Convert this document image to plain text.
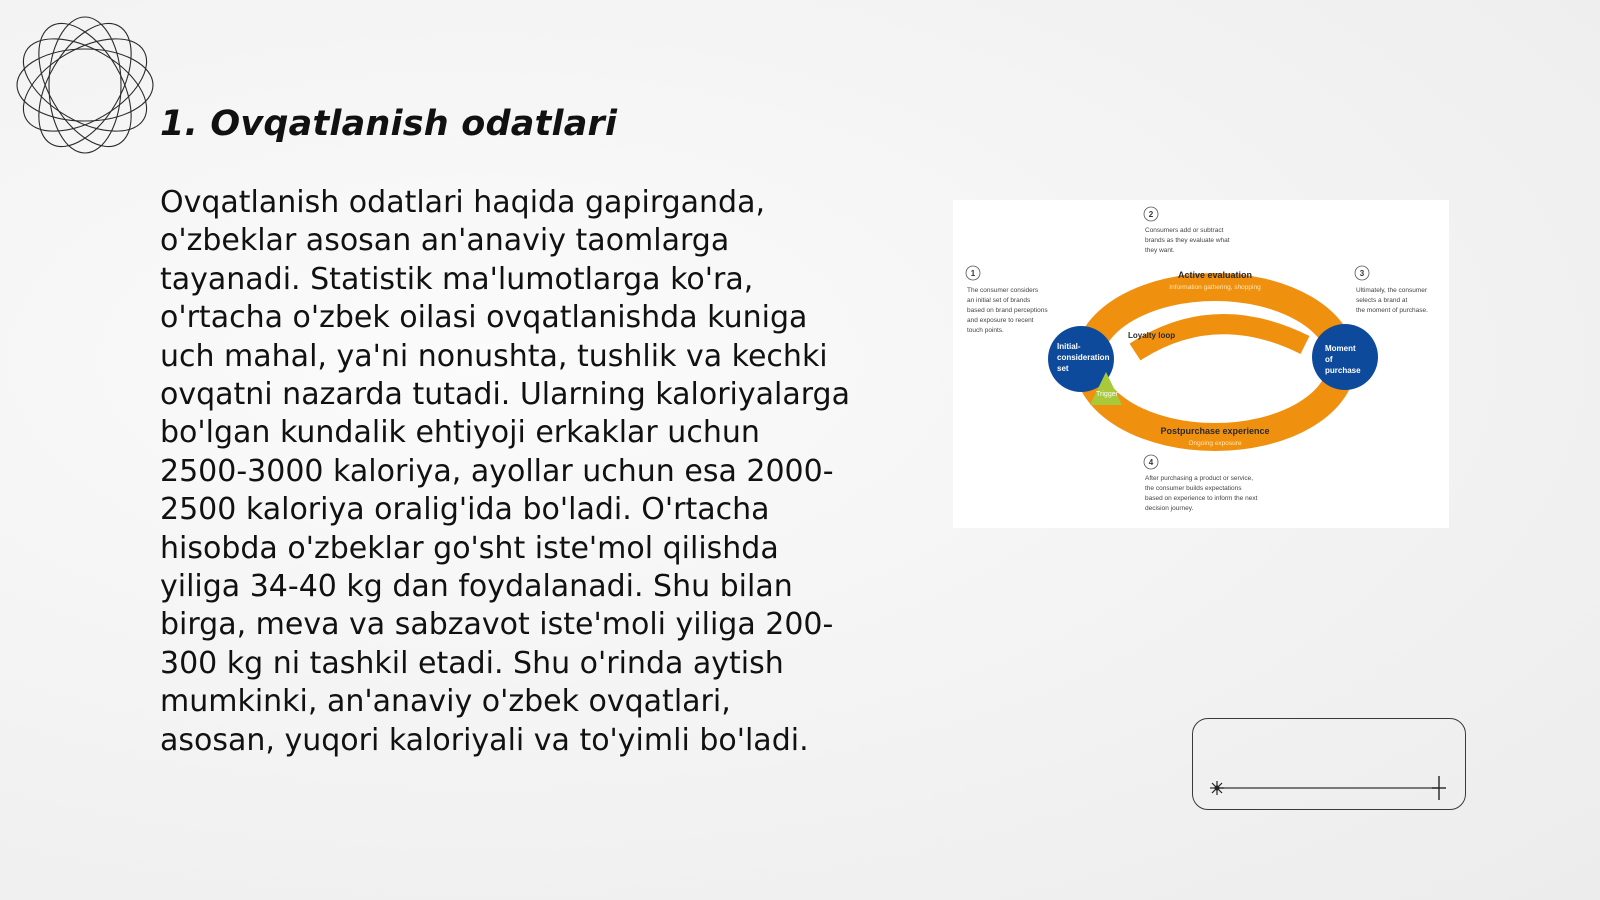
1. Ovqatlanish odatlari

Ovqatlanish odatlari haqida gapirganda, o'zbeklar asosan an'anaviy taomlarga tayanadi. Statistik ma'lumotlarga ko'ra, o'rtacha o'zbek oilasi ovqatlanishda kuniga uch mahal, ya'ni nonushta, tushlik va kechki ovqatni nazarda tutadi. Ularning kaloriyalarga bo'lgan kundalik ehtiyoji erkaklar uchun 2500-3000 kaloriya, ayollar uchun esa 2000-2500 kaloriya oralig'ida bo'ladi. O'rtacha hisobda o'zbeklar go'sht iste'mol qilishda yiliga 34-40 kg dan foydalanadi. Shu bilan birga, meva va sabzavot iste'moli yiliga 200-300 kg ni tashkil etadi. Shu o'rinda aytish mumkinki, an'anaviy o'zbek ovqatlari, asosan, yuqori kaloriyali va to'yimli bo'ladi.

Active evaluation
Information gathering, shopping
Loyalty loop
Postpurchase experience
Ongoing exposure
Trigger
Initial-
consideration
set
Moment
of
purchase
1
2
3
4
The consumer considers
an initial set of brands
based on brand perceptions
and exposure to recent
touch points.
Consumers add or subtract
brands as they evaluate what
they want.
Ultimately, the consumer
selects a brand at
the moment of purchase.
After purchasing a product or service,
the consumer builds expectations
based on experience to inform the next
decision journey.
